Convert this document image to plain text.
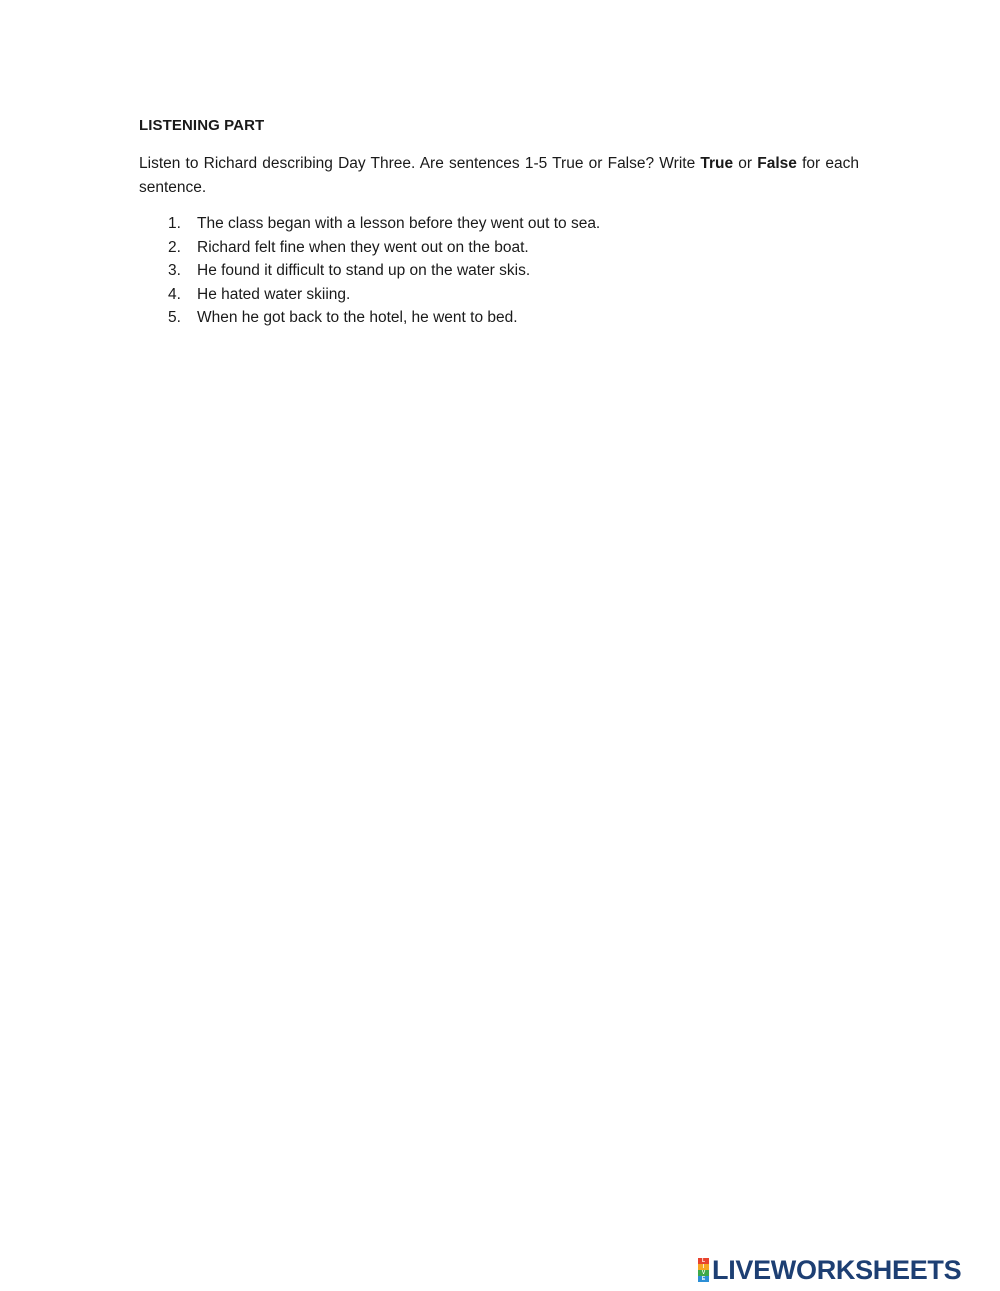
LISTENING PART

Listen to Richard describing Day Three. Are sentences 1-5 True or False? Write True or False for each sentence.

1. The class began with a lesson before they went out to sea.
2. Richard felt fine when they went out on the boat.
3. He found it difficult to stand up on the water skis.
4. He hated water skiing.
5. When he got back to the hotel, he went to bed.
L
I
V
E LIVEWORKSHEETS
